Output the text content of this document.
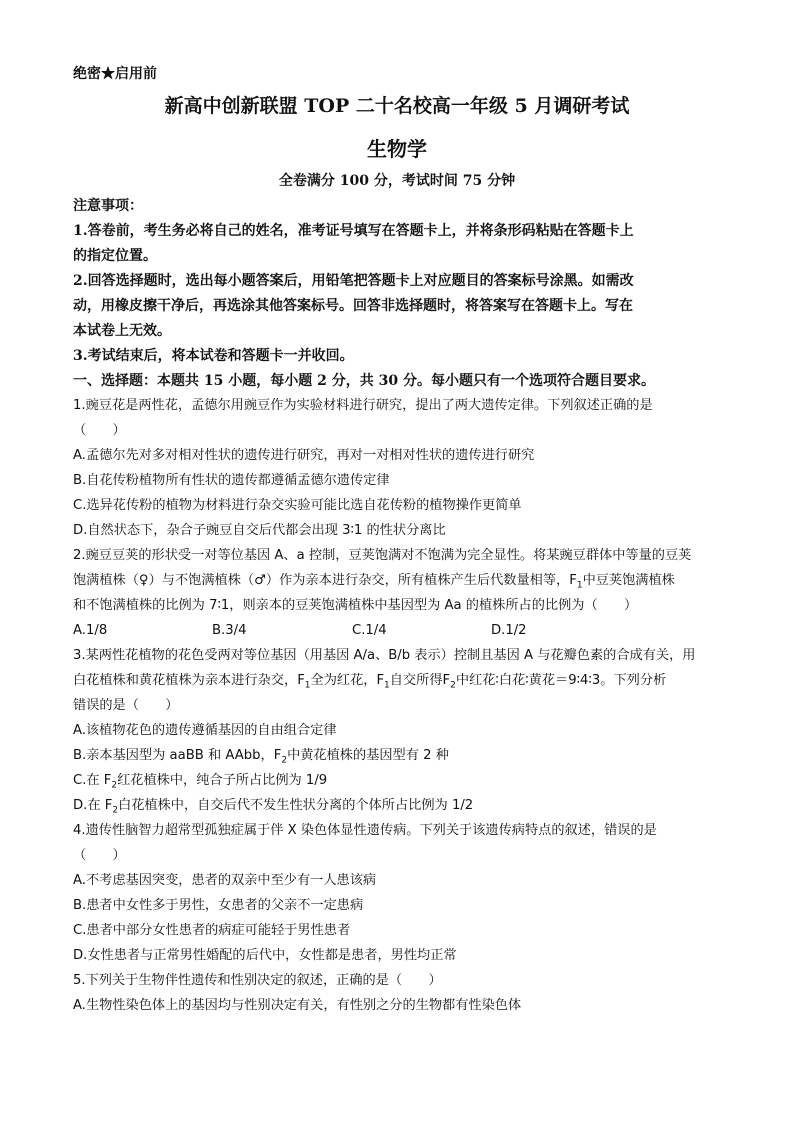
绝密★启用前
新高中创新联盟 TOP 二十名校高一年级 5 月调研考试
生物学
全卷满分 100 分，考试时间 75 分钟
注意事项：
1.答卷前，考生务必将自己的姓名，准考证号填写在答题卡上，并将条形码粘贴在答题卡上
的指定位置。
2.回答选择题时，选出每小题答案后，用铅笔把答题卡上对应题目的答案标号涂黑。如需改
动，用橡皮擦干净后，再选涂其他答案标号。回答非选择题时，将答案写在答题卡上。写在
本试卷上无效。
3.考试结束后，将本试卷和答题卡一并收回。
一、选择题：本题共 15 小题，每小题 2 分，共 30 分。每小题只有一个选项符合题目要求。
1.豌豆花是两性花，孟德尔用豌豆作为实验材料进行研究，提出了两大遗传定律。下列叙述正确的是
（　　）
A.孟德尔先对多对相对性状的遗传进行研究，再对一对相对性状的遗传进行研究
B.自花传粉植物所有性状的遗传都遵循孟德尔遗传定律
C.选异花传粉的植物为材料进行杂交实验可能比选自花传粉的植物操作更简单
D.自然状态下，杂合子豌豆自交后代都会出现 3∶1 的性状分离比
2.豌豆豆荚的形状受一对等位基因 A、a 控制，豆荚饱满对不饱满为完全显性。将某豌豆群体中等量的豆荚
饱满植株（♀）与不饱满植株（♂）作为亲本进行杂交，所有植株产生后代数量相等，$F_1$中豆荚饱满植株
和不饱满植株的比例为 7∶1，则亲本的豆荚饱满植株中基因型为 Aa 的植株所占的比例为（　　）
A.1/8	B.3/4	C.1/4	D.1/2
3.某两性花植物的花色受两对等位基因（用基因 A/a、B/b 表示）控制且基因 A 与花瓣色素的合成有关，用
白花植株和黄花植株为亲本进行杂交，$F_1$全为红花，$F_1$自交所得$F_2$中红花∶白花∶黄花＝9∶4∶3。下列分析
错误的是（　　）
A.该植物花色的遗传遵循基因的自由组合定律
B.亲本基因型为 aaBB 和 AAbb，$F_2$中黄花植株的基因型有 2 种
C.在 $F_2$红花植株中，纯合子所占比例为 1/9
D.在 $F_2$白花植株中，自交后代不发生性状分离的个体所占比例为 1/2
4.遗传性脑智力超常型孤独症属于伴 X 染色体显性遗传病。下列关于该遗传病特点的叙述，错误的是
（　　）
A.不考虑基因突变，患者的双亲中至少有一人患该病
B.患者中女性多于男性，女患者的父亲不一定患病
C.患者中部分女性患者的病症可能轻于男性患者
D.女性患者与正常男性婚配的后代中，女性都是患者，男性均正常
5.下列关于生物伴性遗传和性别决定的叙述，正确的是（　　）
A.生物性染色体上的基因均与性别决定有关，有性别之分的生物都有性染色体
